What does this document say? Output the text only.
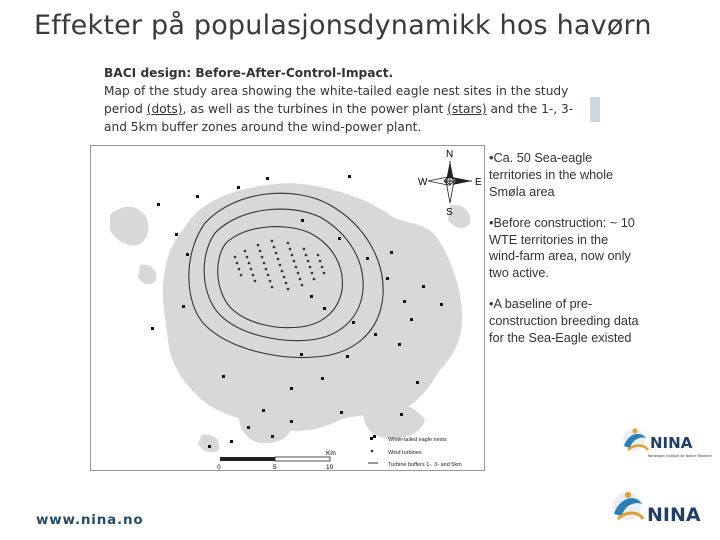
Effekter på populasjonsdynamikk hos havørn
BACI design: Before-After-Control-Impact.
Map of the study area showing the white-tailed eagle nest sites in the study period (dots), as well as the turbines in the power plant (stars) and the 1-, 3- and 5km buffer zones around the wind-power plant.
N
S
E
W
0	5	10
Km
White-tailed eagle nests
Wind turbines
Turbine buffers 1-, 3- and 5km

•Ca. 50 Sea-eagle territories in the whole Smøla area

•Before construction: ~ 10 WTE territories in the wind-farm area, now only two active.

•A baseline of pre-construction breeding data for the Sea-Eagle existed

NINA
Norwegian Institute for Nature Research
NINA
www.nina.no
